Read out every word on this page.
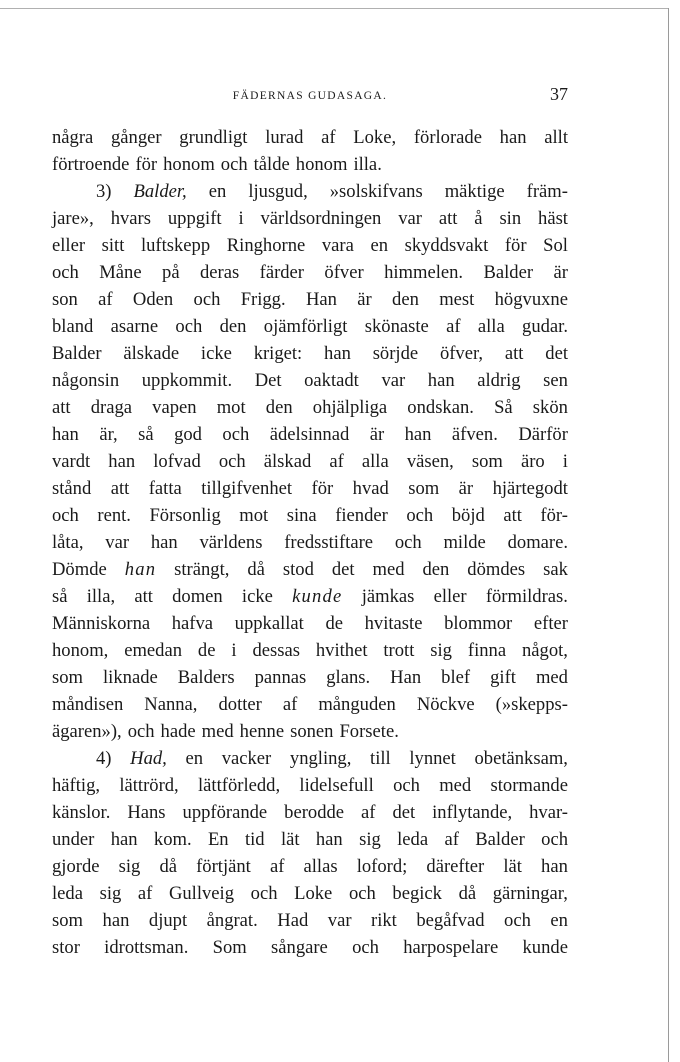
FÄDERNAS GUDASAGA.	37
några gånger grundligt lurad af Loke, förlorade han allt
förtroende för honom och tålde honom illa.
3) Balder, en ljusgud, »solskifvans mäktige främ-
jare», hvars uppgift i världsordningen var att å sin häst
eller sitt luftskepp Ringhorne vara en skyddsvakt för Sol
och Måne på deras färder öfver himmelen. Balder är
son af Oden och Frigg. Han är den mest högvuxne
bland asarne och den ojämförligt skönaste af alla gudar.
Balder älskade icke kriget: han sörjde öfver, att det
någonsin uppkommit. Det oaktadt var han aldrig sen
att draga vapen mot den ohjälpliga ondskan. Så skön
han är, så god och ädelsinnad är han äfven. Därför
vardt han lofvad och älskad af alla väsen, som äro i
stånd att fatta tillgifvenhet för hvad som är hjärtegodt
och rent. Försonlig mot sina fiender och böjd att för-
låta, var han världens fredsstiftare och milde domare.
Dömde han strängt, då stod det med den dömdes sak
så illa, att domen icke kunde jämkas eller förmildras.
Människorna hafva uppkallat de hvitaste blommor efter
honom, emedan de i dessas hvithet trott sig finna något,
som liknade Balders pannas glans. Han blef gift med
måndisen Nanna, dotter af månguden Nöckve (»skepps-
ägaren»), och hade med henne sonen Forsete.
4) Had, en vacker yngling, till lynnet obetänksam,
häftig, lättrörd, lättförledd, lidelsefull och med stormande
känslor. Hans uppförande berodde af det inflytande, hvar-
under han kom. En tid lät han sig leda af Balder och
gjorde sig då förtjänt af allas loford; därefter lät han
leda sig af Gullveig och Loke och begick då gärningar,
som han djupt ångrat. Had var rikt begåfvad och en
stor idrottsman. Som sångare och harpospelare kunde
